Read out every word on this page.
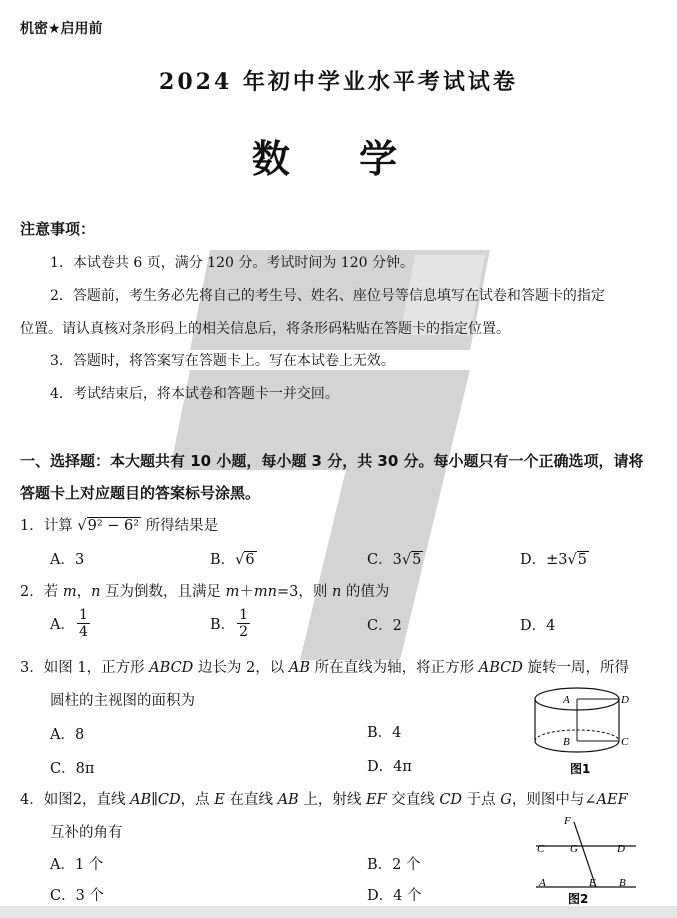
机密★启用前
2024 年初中学业水平考试试卷
数 学
注意事项：
1．本试卷共 6 页，满分 120 分。考试时间为 120 分钟。
2．答题前，考生务必先将自己的考生号、姓名、座位号等信息填写在试卷和答题卡的指定
位置。请认真核对条形码上的相关信息后，将条形码粘贴在答题卡的指定位置。
3．答题时，将答案写在答题卡上。写在本试卷上无效。
4．考试结束后，将本试卷和答题卡一并交回。
一、选择题：本大题共有 10 小题，每小题 3 分，共 30 分。每小题只有一个正确选项，请将
答题卡上对应题目的答案标号涂黑。
1．计算 √9² − 6² 所得结果是
A．3	B．√6	C．3√5	D．±3√5
2．若 m，n 互为倒数，且满足 m＋mn=3，则 n 的值为
A． $\frac{1}{4}$	B． $\frac{1}{2}$	C．2	D．4
3．如图 1，正方形 ABCD 边长为 2，以 AB 所在直线为轴，将正方形 ABCD 旋转一周，所得
圆柱的主视图的面积为
A．8	B．4
C．8π	D．4π
A	D
B	C
图1
4．如图2，直线 AB∥CD，点 E 在直线 AB 上，射线 EF 交直线 CD 于点 G，则图中与∠AEF
互补的角有
A．1 个	B．2 个
C．3 个	D．4 个
F
C G	D
A	E B
图2
